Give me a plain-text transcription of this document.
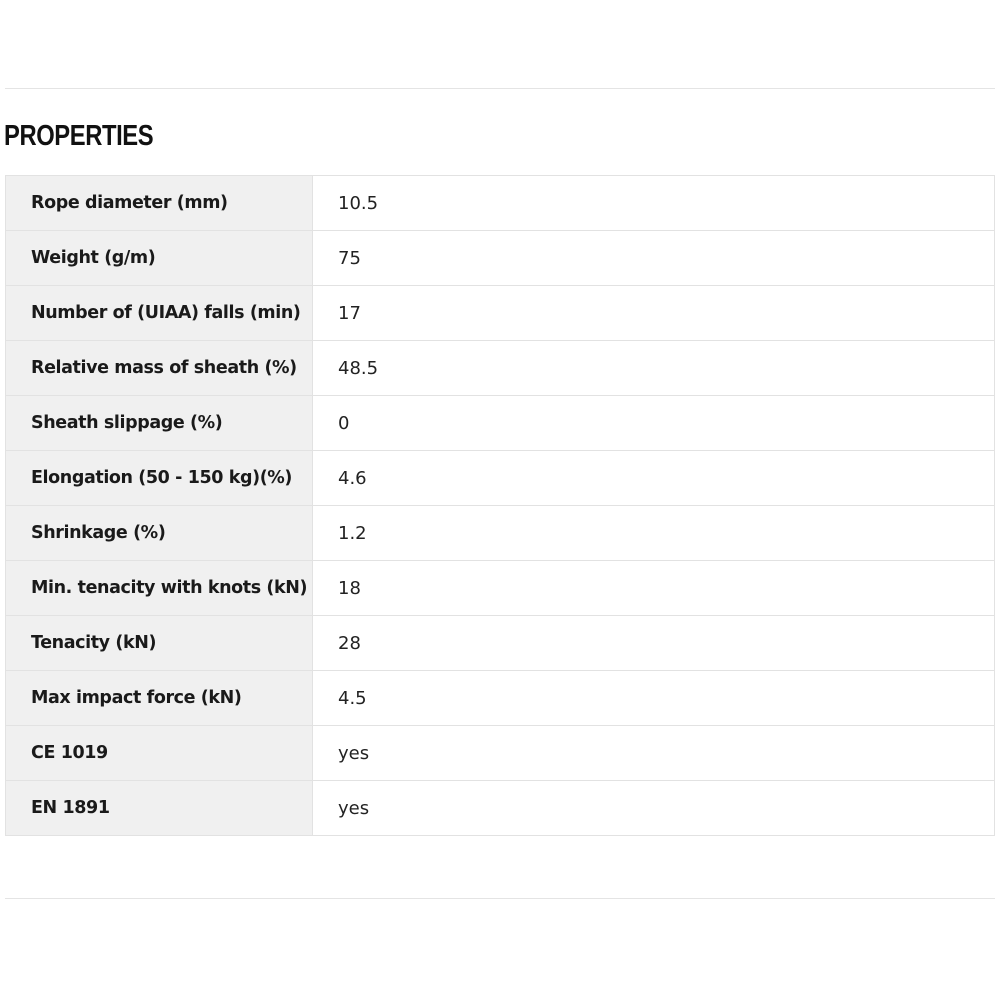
PROPERTIES
Rope diameter (mm)	10.5
Weight (g/m)	75
Number of (UIAA) falls (min)	17
Relative mass of sheath (%)	48.5
Sheath slippage (%)	0
Elongation (50 - 150 kg)(%)	4.6
Shrinkage (%)	1.2
Min. tenacity with knots (kN)	18
Tenacity (kN)	28
Max impact force (kN)	4.5
CE 1019	yes
EN 1891	yes
